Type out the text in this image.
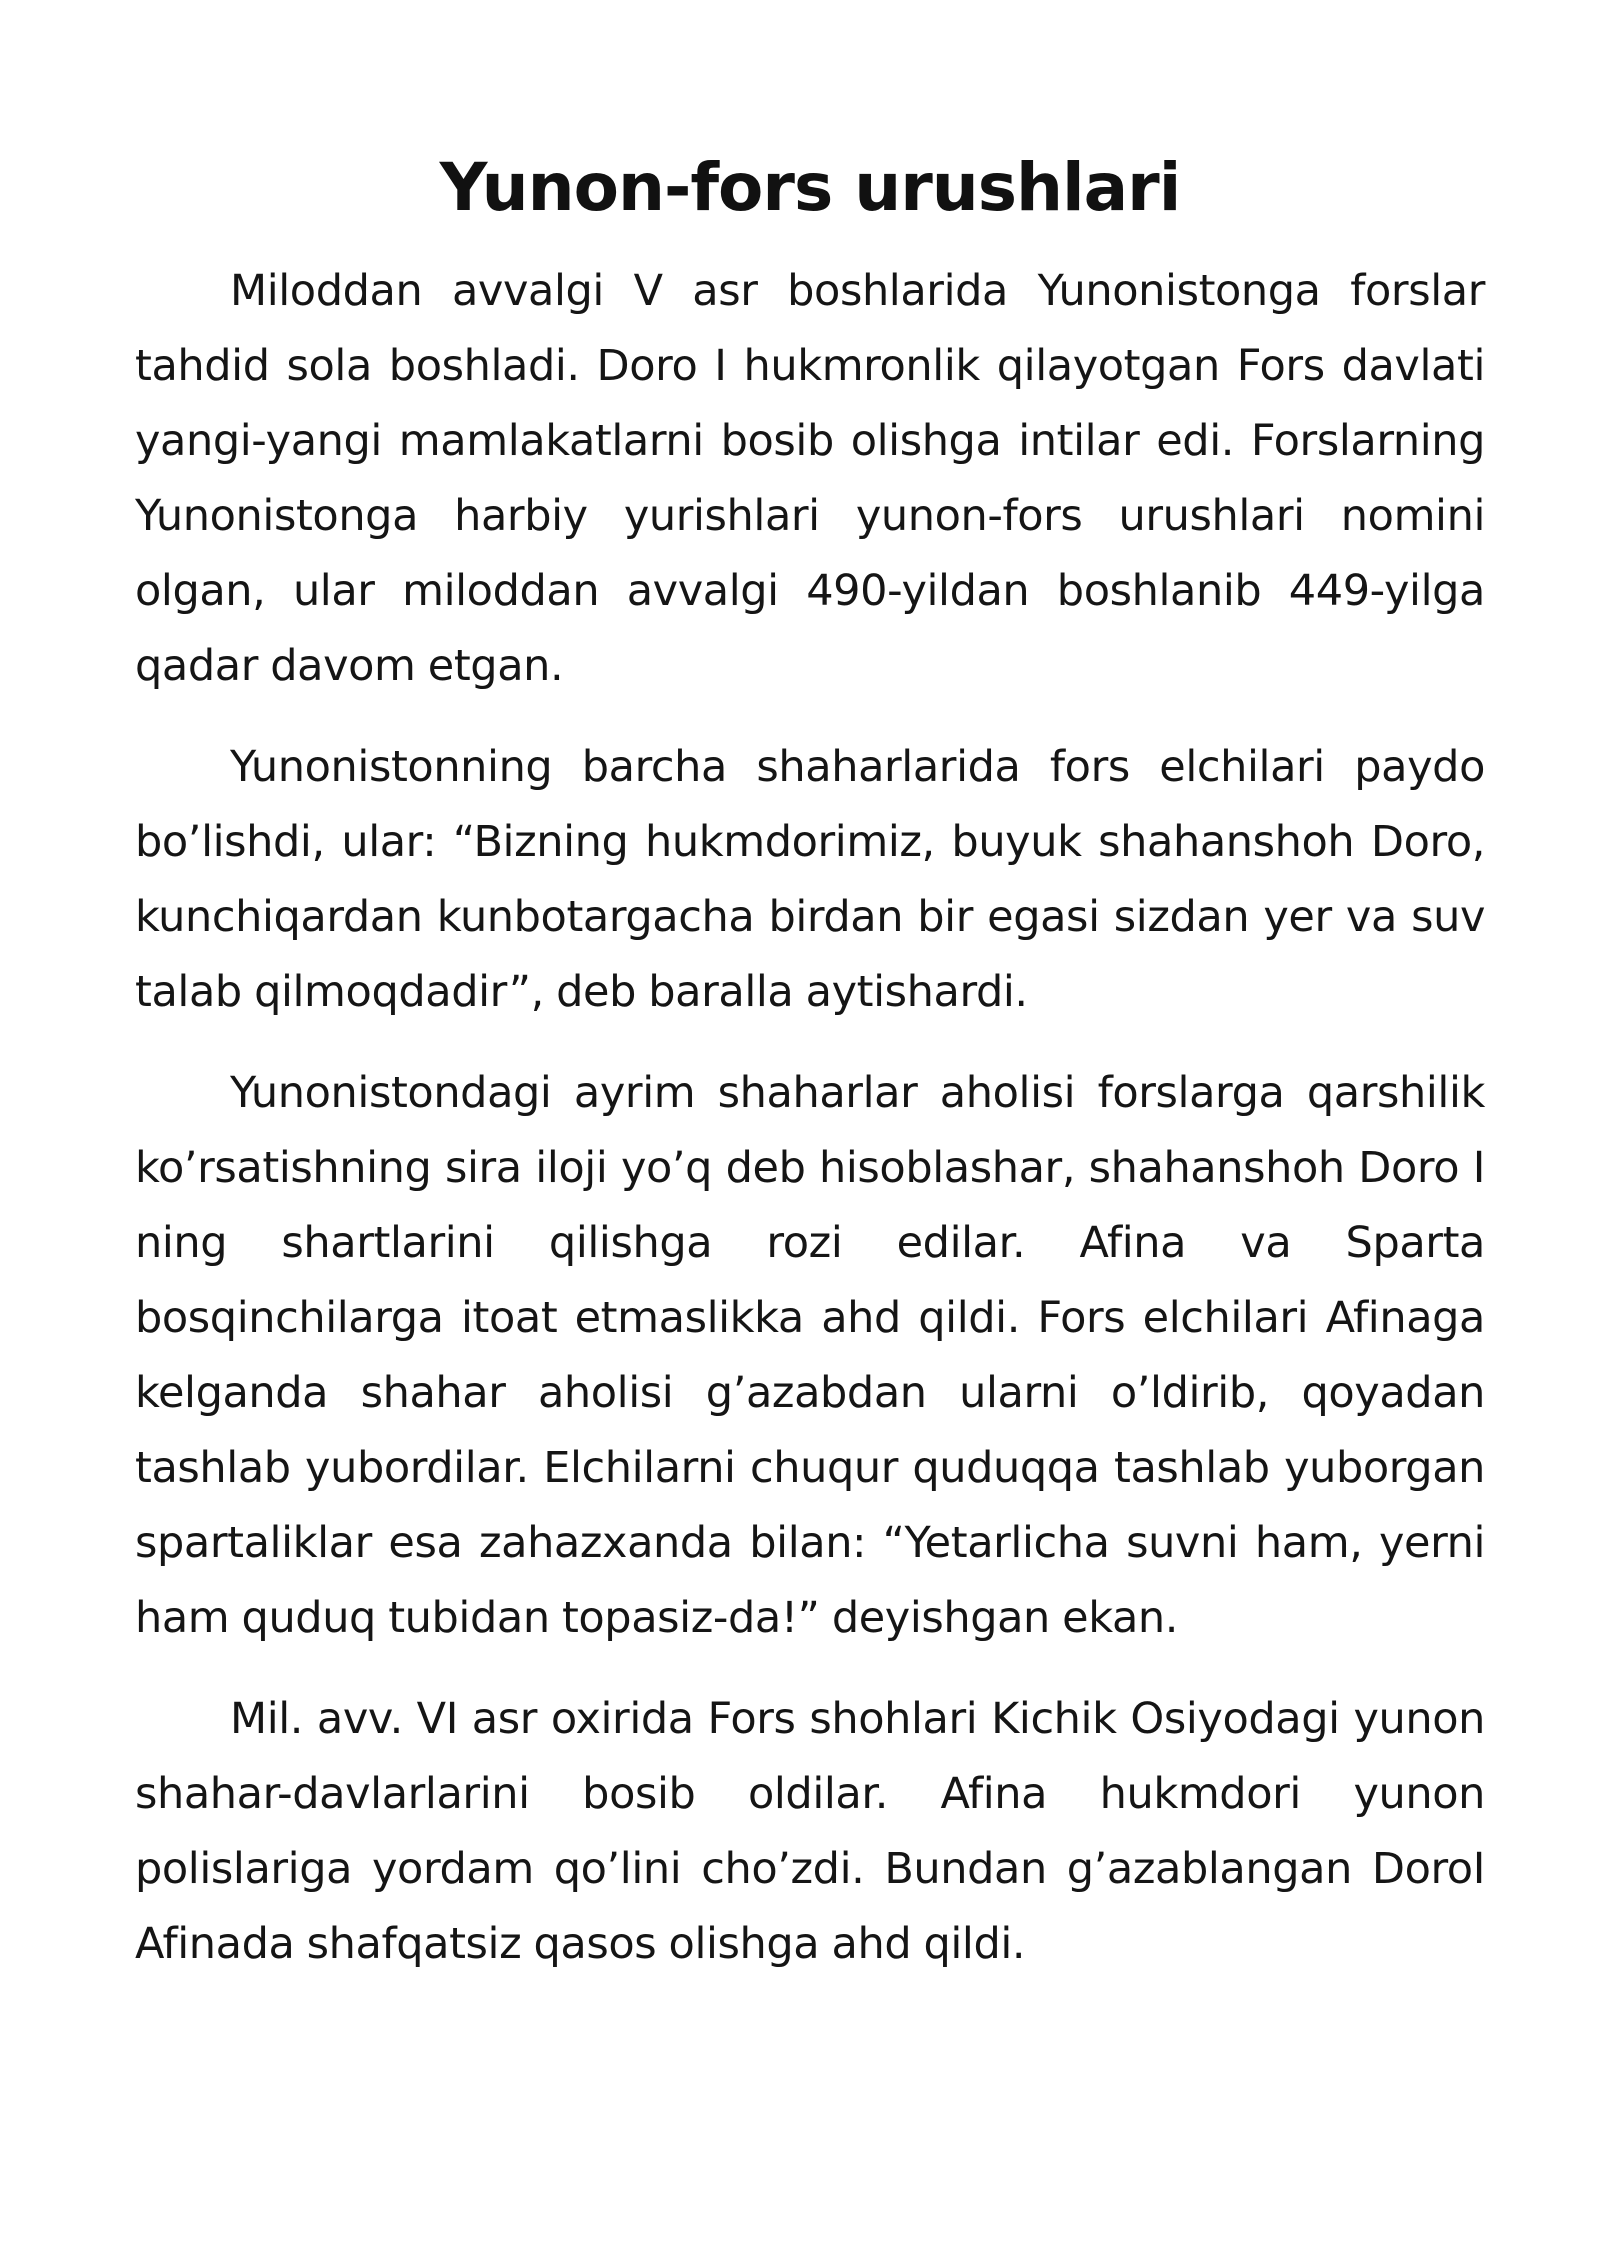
Yunon-fors urushlari

Miloddan avvalgi V asr boshlarida Yunonistonga forslar tahdid sola boshladi. Doro I hukmronlik qilayotgan Fors davlati yangi-yangi mamlakatlarni bosib olishga intilar edi. Forslarning Yunonistonga harbiy yurishlari yunon-fors urushlari nomini olgan, ular miloddan avvalgi 490-yildan boshlanib 449-yilga qadar davom etgan.

Yunonistonning barcha shaharlarida fors elchilari paydo bo’lishdi, ular: “Bizning hukmdorimiz, buyuk shahanshoh Doro, kunchiqardan kunbotargacha birdan bir egasi sizdan yer va suv talab qilmoqdadir”, deb baralla aytishardi.

Yunonistondagi ayrim shaharlar aholisi forslarga qarshilik ko’rsatishning sira iloji yo’q deb hisoblashar, shahanshoh Doro I ning shartlarini qilishga rozi edilar. Afina va Sparta bosqinchilarga itoat etmaslikka ahd qildi. Fors elchilari Afinaga kelganda shahar aholisi g’azabdan ularni o’ldirib, qoyadan tashlab yubordilar. Elchilarni chuqur quduqqa tashlab yuborgan spartaliklar esa zahazxanda bilan: “Yetarlicha suvni ham, yerni ham quduq tubidan topasiz-da!” deyishgan ekan.

Mil. avv. VI asr oxirida Fors shohlari Kichik Osiyodagi yunon shahar-davlarlarini bosib oldilar. Afina hukmdori yunon polislariga yordam qo’lini cho’zdi. Bundan g’azablangan DoroI Afinada shafqatsiz qasos olishga ahd qildi.
